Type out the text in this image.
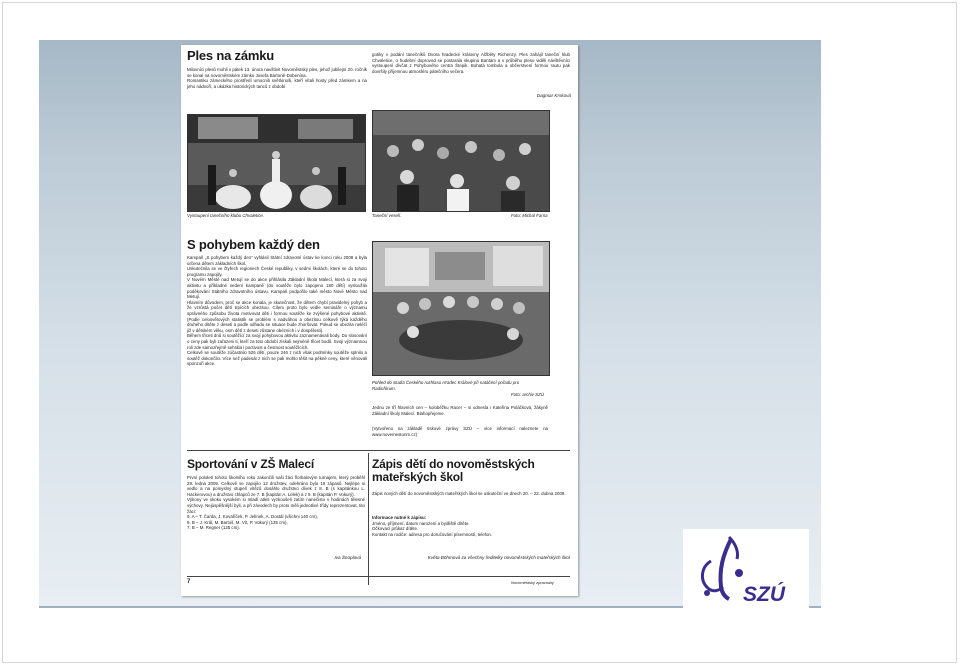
Ples na zámku

Milovníci plesů mohli v pátek 13. února navštívit Novoměstský ples, jehož jubilejní 20. ročník se konal na novoměstském zámku Josefa Bartoně-Dobenína.

Romantiku zámeckého prostředí umocnili světlonoši, kteří vítali hosty před zámkem a na jeho nádvoří, a ukázka historických tanců z období

gotiky v podání tanečníků Dvora hradecké královny Alžběty Richenzy. Ples zahájil taneční klub Chvaletice, o hudební doprovod se postarala skupina Bantam a v průběhu plesu viděli návštěvníci vystoupení dívčat z Pohybového centra Štepik. Bohatá tombola a občerstvení formou rautu pak dovršily příjemnou atmosféru pátečního večera.
Dagmar Krsková
Vystoupení tanečního klubu Chvaletice.	Taneční veselí.	Foto: Michal Farna
S pohybem každý den

Kampaň „S pohybem každý den“ vyhlásil Státní zdravotní ústav ke konci roku 2008 a byla určena dětem základních škol.

Uskutečnila se ve čtyřech regionech České republiky, v sedmi školách, které se do tohoto programu zapojily.

V Novém Městě nad Metují se do akce přihlásila Základní škola Malecí, která si za svoji aktivitu a příkladné vedení kampaně (do soutěže bylo zapojeno 180 dětí) vysloužila poděkování Státního zdravotního ústavu. Kampaň podpořilo také město Nové Město nad Metují.

Hlavním důvodem, proč se akce konala, je skutečnost, že dětem chybí pravidelný pohyb a že vzrůstá počet dětí trpících obezitou. Cílem proto bylo vedle semináře o významu správného způsobu života motivovat děti i formou soutěže ke zvýšené pohybové aktivitě. (Podle celosvětových statistik se problém s nadváhou a obezitou celkově týká každého druhého dítěte z deseti a podle odhadu se situace bude zhoršovat. Pokud se obezita neléčí již v dětském věku, osm dětí z deseti zůstane obézních i v dospělosti).

Během třiceti dnů si soutěžící za svoji pohybovou aktivitu zaznamenávali body. Do slosování o ceny pak byli zařazeni ti, kteří za toto období získali nejméně třicet bodů. Svoji významnou roli zde samozřejmě sehrála i poctivost a čestnost soutěžících.

Celkově se soutěže zúčastnilo 526 dětí, pouze 246 z nich však podmínky soutěže splnilo a soutěž dokončilo. Více než padesát z nich se pak mohlo těšit na pěkné ceny, které věnovali sponzoři akce.

Pohled do studia Českého rozhlasu Hradec Králové při natáčení pořadu pro Radiofórum.
Foto: archiv SZÚ
Jednu ze tří hlavních cen – koloběžku Racer – si odnesla i Kateřina Poláčková, žákyně Základní školy Malecí. Blahopřejeme.
(Vytvořeno na základě tiskové zprávy SZÚ – více informací naleznete na www.novemestonm.cz)
Sportování v ZŠ Malecí

První pololetí tohoto školního roku zakončili naši žáci florbalovým turnajem, který proběhl 29. ledna 2009. Celkově se zapojilo 12 družstev, odehráno bylo 19 zápasů. Nejlépe si vedlo a na pomyslný stupeň vítězů dosáhlo družstvo dívek z 8. B (s kapitánkou L. Hackerovou) a družstvo chlapců ze 7. B (kapitán A. Lelek) a z 9. B (kapitán P. Vokurý).

Výkony ve skoku vysokém si mladí atleti vyzkoušeli zatím nanečisto v hodinách tělesné výchovy. Nejúspěšnější byli, a při závodech by proto měli jednotlivé třídy reprezentovat, tito žáci:

9. A – T. Čarda, J. Kovaříček, P. Jelínek, A. Dostál (všichni 140 cm),

9. B – J. Král, M. Bartoš, M. Vít, P. Vokurý (135 cm),

7. B – M. Regner (125 cm).

Iva Šnoplová
Zápis dětí do novoměstských mateřských škol
Zápis nových dětí do novoměstských mateřských škol se uskuteční ve dnech 20. – 22. dubna 2009.

Informace nutné k zápisu:

Jméno, příjmení, datum narození a bydliště dítěte.

Očkovací průkaz dítěte.

Kontakt na rodiče: adresa pro doručování písemností, telefon.

Květa Böhmová za všechny ředitelky novoměstských mateřských škol
7	Novoměstský zpravodaj
SZÚ
